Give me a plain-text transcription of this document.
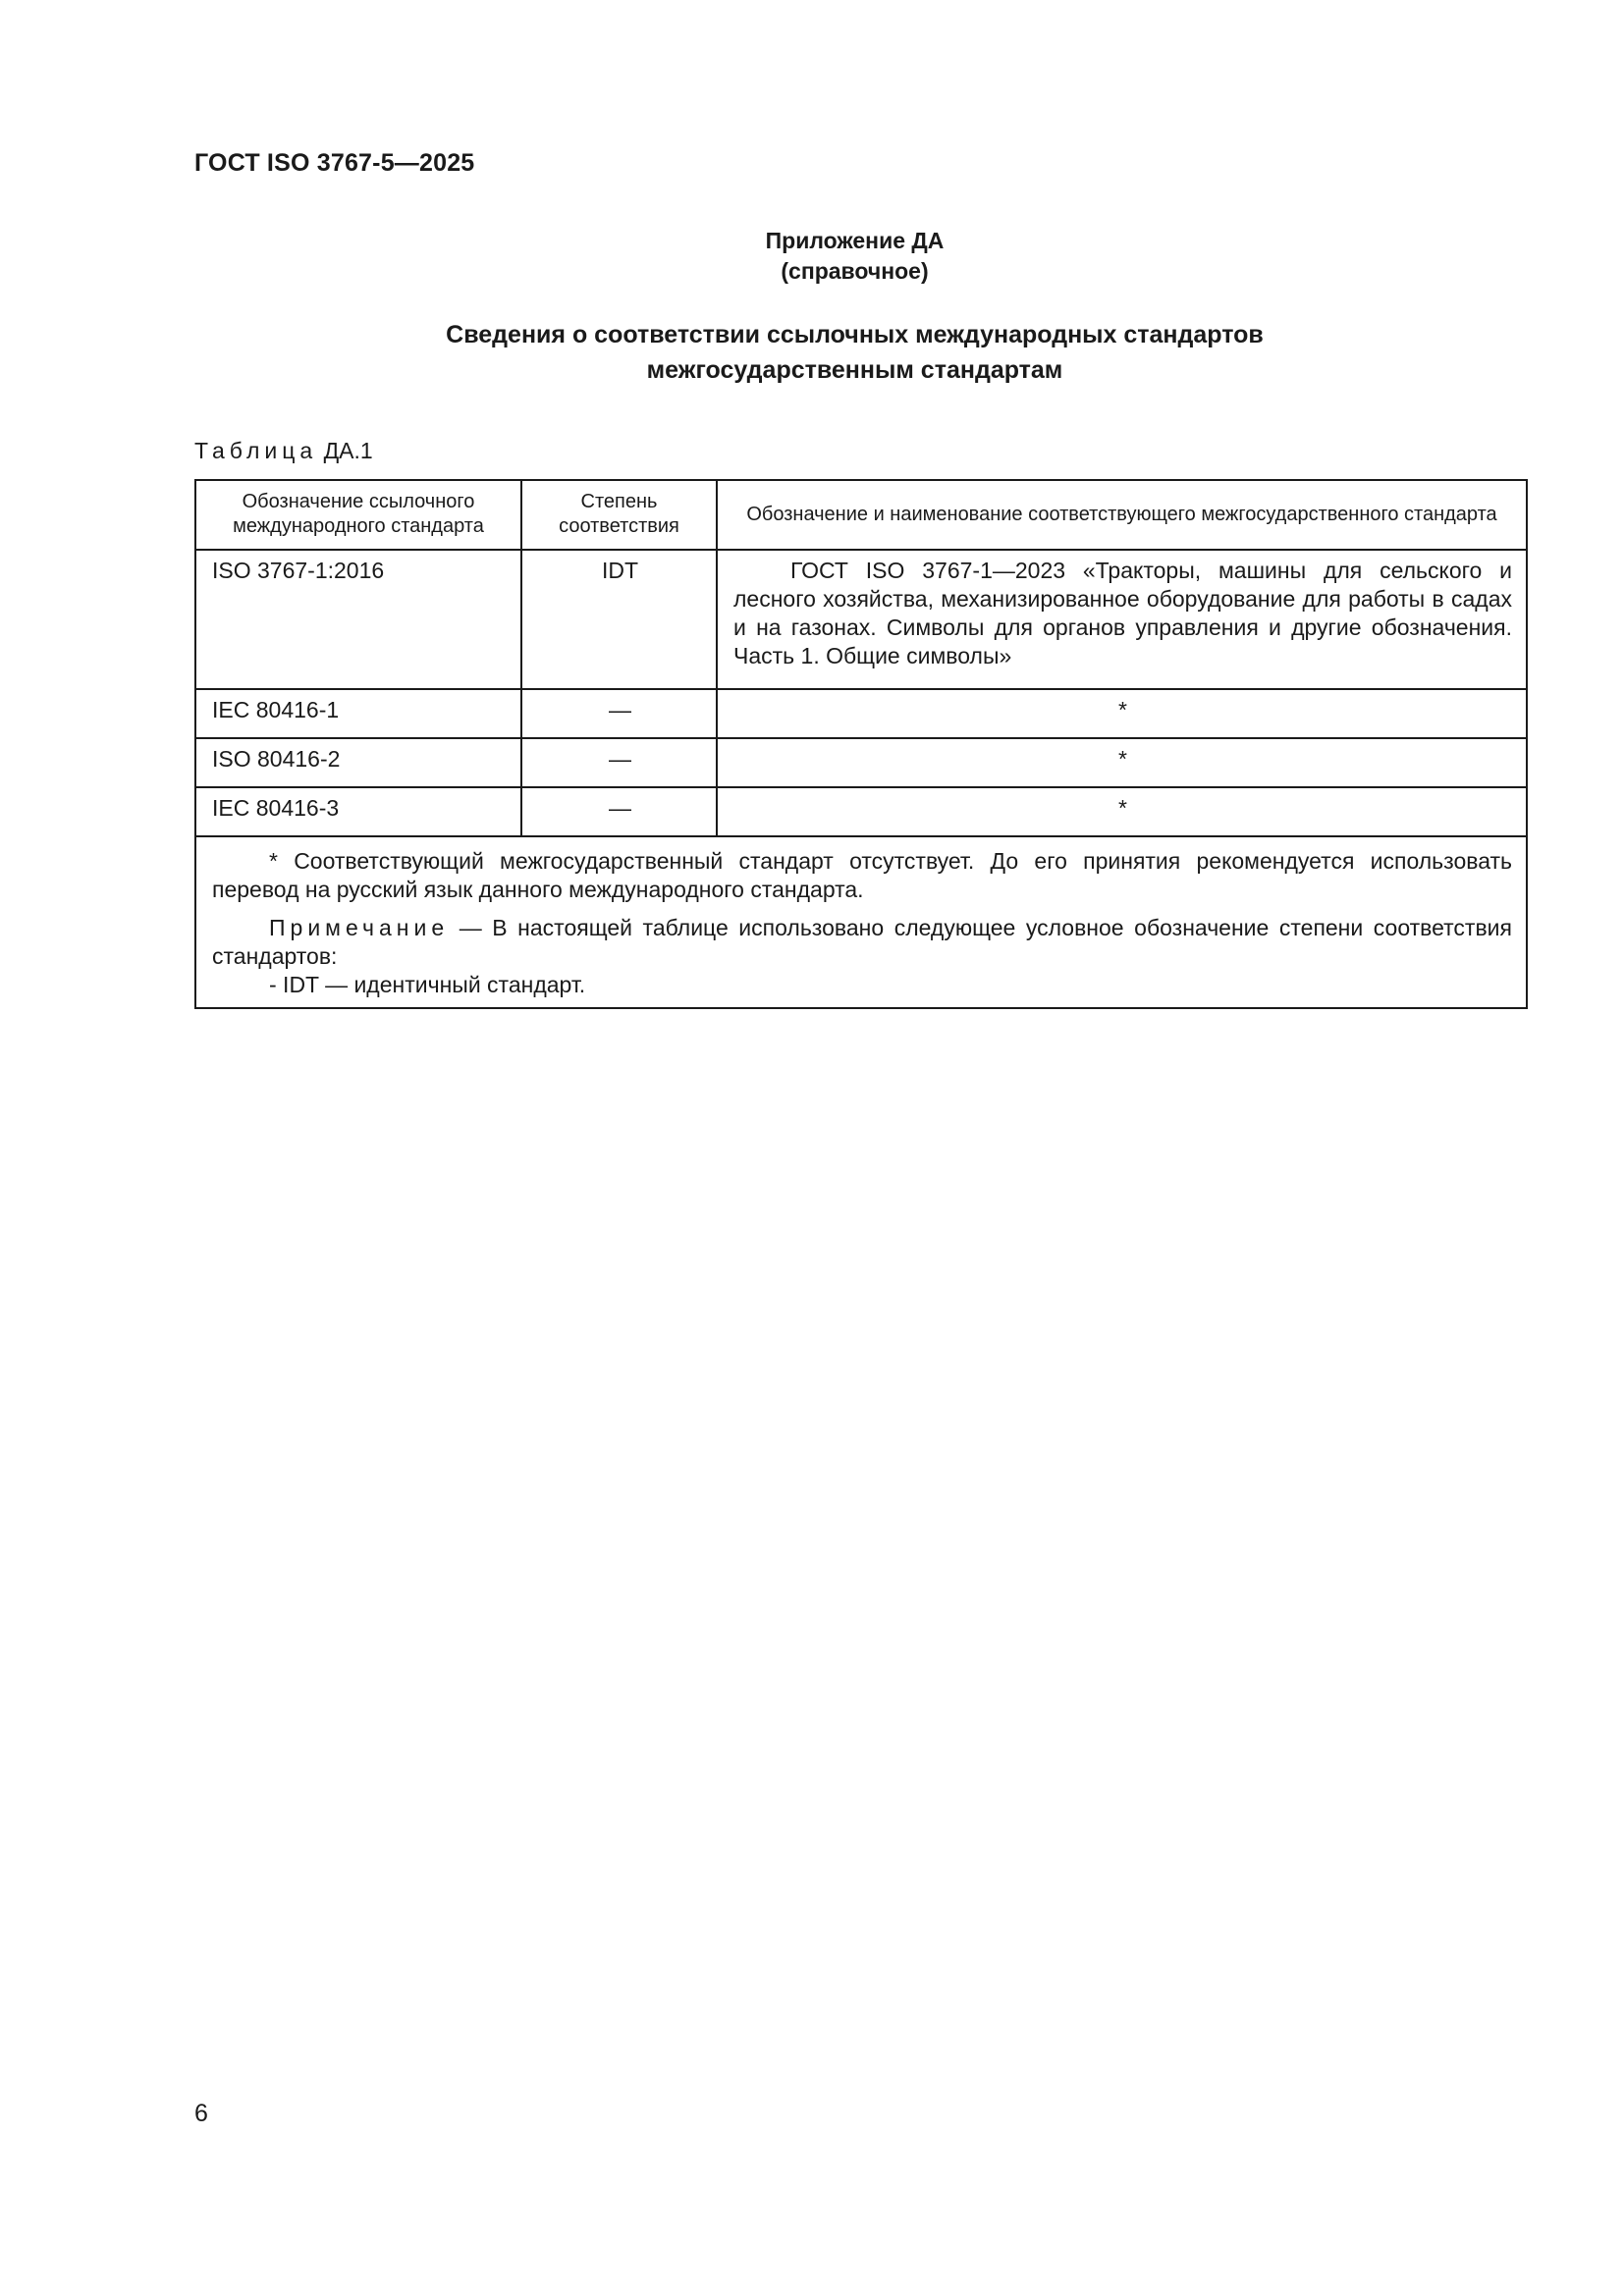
ГОСТ ISO 3767-5—2025
Приложение ДА
(справочное)
Сведения о соответствии ссылочных международных стандартов
межгосударственным стандартам
Таблица ДА.1
Обозначение ссылочного международного стандарта	Степень соответствия	Обозначение и наименование соответствующего межгосударственного стандарта
ISO 3767-1:2016	IDT	ГОСТ ISO 3767-1—2023 «Тракторы, машины для сельского и лесного хозяйства, механизированное оборудование для работы в садах и на газонах. Символы для органов управления и другие обозначения. Часть 1. Общие символы»
IEC 80416-1	—	*
ISO 80416-2	—	*
IEC 80416-3	—	*

* Соответствующий межгосударственный стандарт отсутствует. До его принятия рекомендуется использовать перевод на русский язык данного международного стандарта.

Примечание — В настоящей таблице использовано следующее условное обозначение степени соответствия стандартов:

- IDT — идентичный стандарт.		
6
